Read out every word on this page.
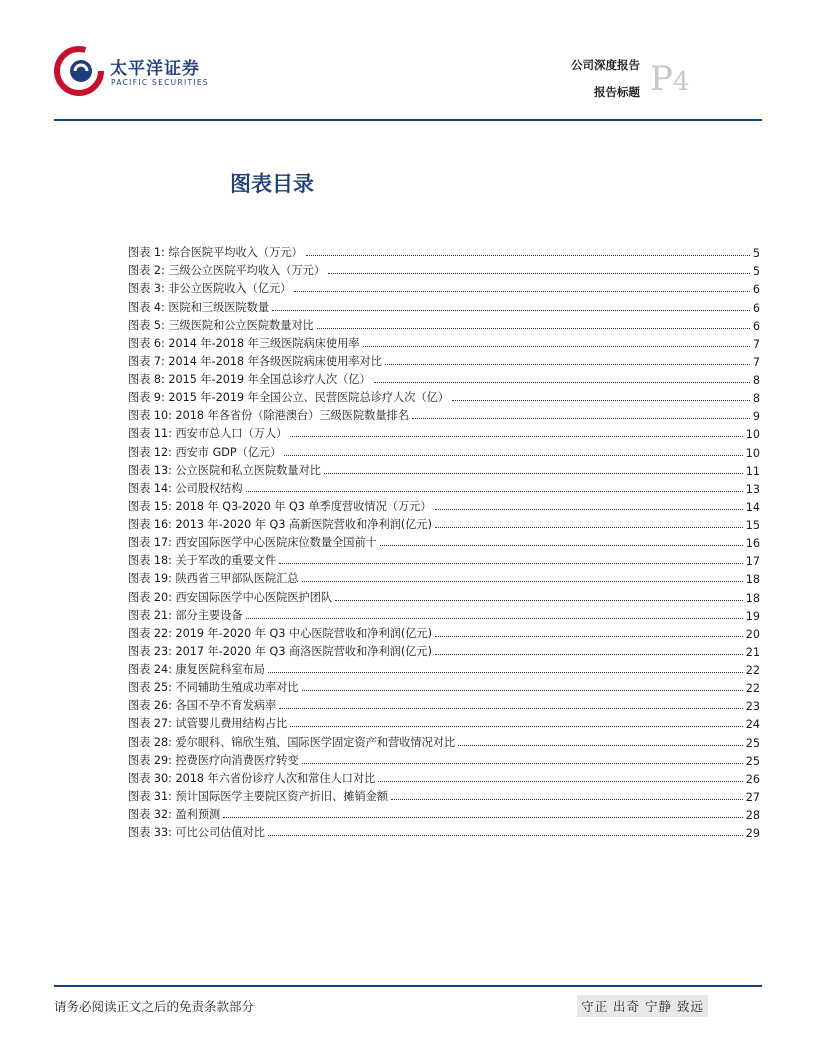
太平洋证券
PACIFIC SECURITIES
公司深度报告
报告标题 P4
图表目录
图表 1: 综合医院平均收入（万元）	5
图表 2: 三级公立医院平均收入（万元）	5
图表 3: 非公立医院收入（亿元）	6
图表 4: 医院和三级医院数量	6
图表 5: 三级医院和公立医院数量对比	6
图表 6: 2014 年-2018 年三级医院病床使用率	7
图表 7: 2014 年-2018 年各级医院病床使用率对比	7
图表 8: 2015 年-2019 年全国总诊疗人次（亿）	8
图表 9: 2015 年-2019 年全国公立、民营医院总诊疗人次（亿）	8
图表 10: 2018 年各省份（除港澳台）三级医院数量排名	9
图表 11: 西安市总人口（万人）	10
图表 12: 西安市 GDP（亿元）	10
图表 13: 公立医院和私立医院数量对比	11
图表 14: 公司股权结构	13
图表 15: 2018 年 Q3-2020 年 Q3 单季度营收情况（万元）	14
图表 16: 2013 年-2020 年 Q3 高新医院营收和净利润(亿元)	15
图表 17: 西安国际医学中心医院床位数量全国前十	16
图表 18: 关于军改的重要文件	17
图表 19: 陕西省三甲部队医院汇总	18
图表 20: 西安国际医学中心医院医护团队	18
图表 21: 部分主要设备	19
图表 22: 2019 年-2020 年 Q3 中心医院营收和净利润(亿元)	20
图表 23: 2017 年-2020 年 Q3 商洛医院营收和净利润(亿元)	21
图表 24: 康复医院科室布局	22
图表 25: 不同辅助生殖成功率对比	22
图表 26: 各国不孕不育发病率	23
图表 27: 试管婴儿费用结构占比	24
图表 28: 爱尔眼科、锦欣生殖、国际医学固定资产和营收情况对比	25
图表 29: 控费医疗向消费医疗转变	25
图表 30: 2018 年六省份诊疗人次和常住人口对比	26
图表 31: 预计国际医学主要院区资产折旧、摊销金额	27
图表 32: 盈利预测	28
图表 33: 可比公司估值对比	29
请务必阅读正文之后的免责条款部分	守正 出奇 宁静 致远
